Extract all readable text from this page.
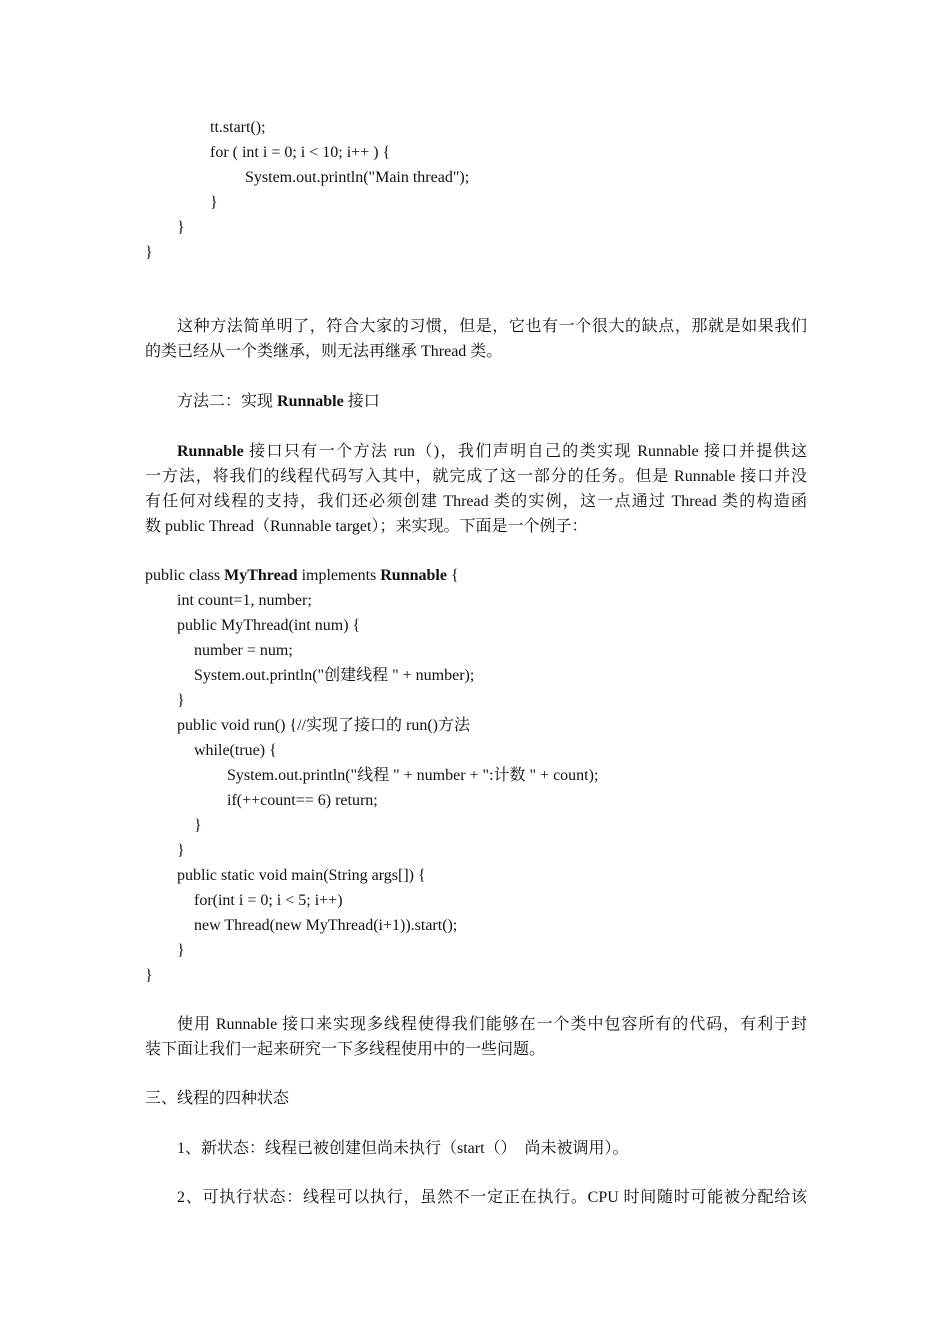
tt.start();
for ( int i = 0; i < 10; i++ ) {
System.out.println("Main thread");
}
}
}
这种方法简单明了，符合大家的习惯，但是，它也有一个很大的缺点，那就是如果我们
的类已经从一个类继承，则无法再继承 Thread 类。
方法二：实现 Runnable 接口
Runnable 接口只有一个方法 run（)，我们声明自己的类实现 Runnable 接口并提供这
一方法，将我们的线程代码写入其中，就完成了这一部分的任务。但是 Runnable 接口并没
有任何对线程的支持，我们还必须创建 Thread 类的实例，这一点通过 Thread 类的构造函
数 public Thread（Runnable target）；来实现。下面是一个例子：
public class MyThread implements Runnable {
int count=1, number;
public MyThread(int num) {
number = num;
System.out.println("创建线程 " + number);
}
public void run() {//实现了接口的 run()方法
while(true) {
System.out.println("线程 " + number + ":计数 " + count);
if(++count== 6) return;
}
}
public static void main(String args[]) {
for(int i = 0; i < 5; i++)
new Thread(new MyThread(i+1)).start();
}
}
使用 Runnable 接口来实现多线程使得我们能够在一个类中包容所有的代码，有利于封
装下面让我们一起来研究一下多线程使用中的一些问题。
三、线程的四种状态
1、新状态：线程已被创建但尚未执行（start（）  尚未被调用）。
2、可执行状态：线程可以执行，虽然不一定正在执行。CPU 时间随时可能被分配给该
